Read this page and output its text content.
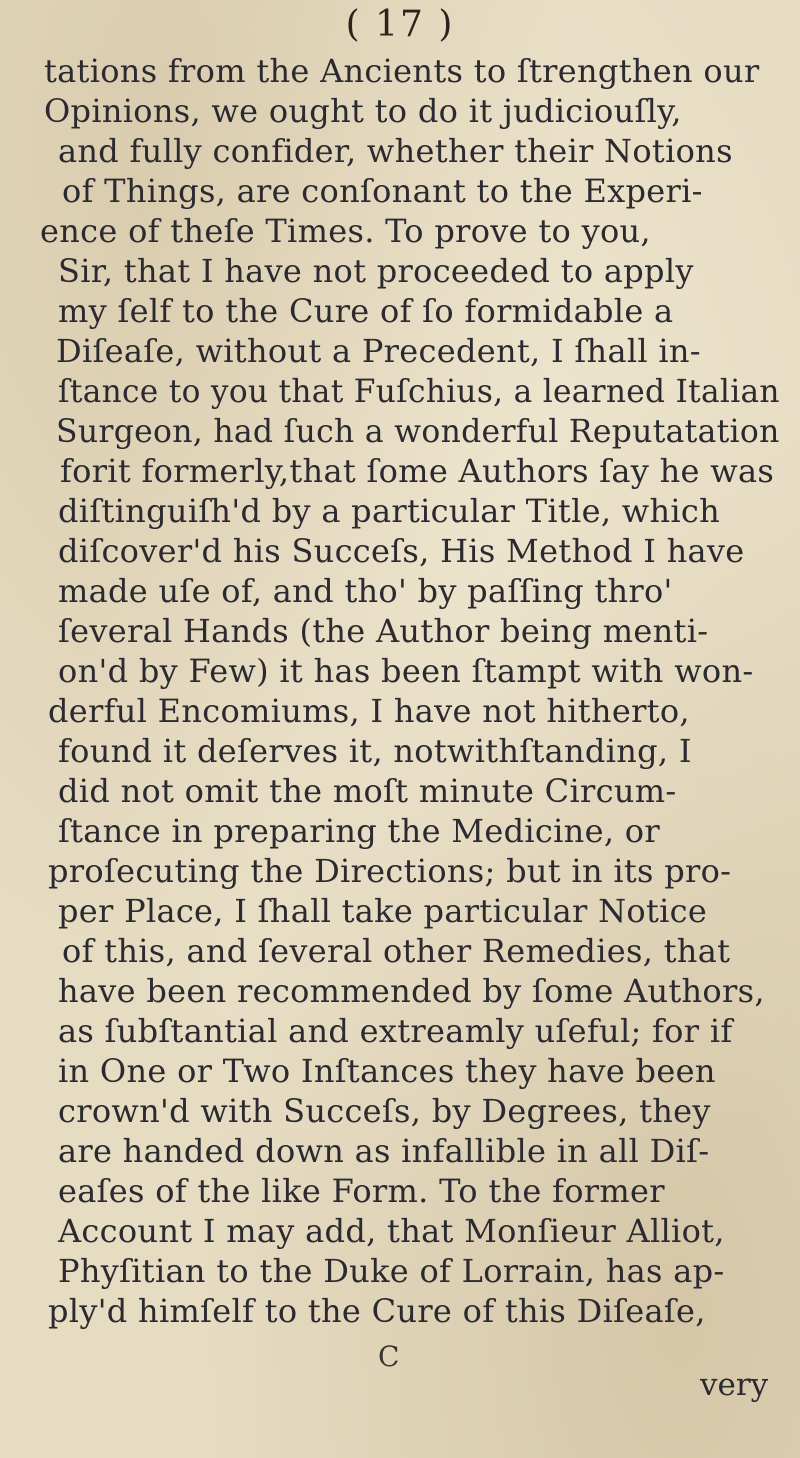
( 17 )
tations from the Ancients to ſtrengthen our
Opinions, we ought to do it judiciouſly,
and fully confider, whether their Notions
of Things, are conſonant to the Experi-
ence of theſe Times. To prove to you,
Sir, that I have not proceeded to apply
my ſelf to the Cure of ſo formidable a
Diſeaſe, without a Precedent, I ſhall in-
ſtance to you that Fuſchius, a learned Italian
Surgeon, had ſuch a wonderful Reputatation
forit formerly,that ſome Authors ſay he was
diſtinguiſh'd by a particular Title, which
diſcover'd his Succeſs, His Method I have
made uſe of, and tho' by paſſing thro'
ſeveral Hands (the Author being menti-
on'd by Few) it has been ſtampt with won-
derful Encomiums, I have not hitherto,
found it deſerves it, notwithſtanding, I
did not omit the moſt minute Circum-
ſtance in preparing the Medicine, or
proſecuting the Directions; but in its pro-
per Place, I ſhall take particular Notice
of this, and ſeveral other Remedies, that
have been recommended by ſome Authors,
as ſubſtantial and extreamly uſeful; for if
in One or Two Inſtances they have been
crown'd with Succeſs, by Degrees, they
are handed down as infallible in all Diſ-
eaſes of the like Form. To the former
Account I may add, that Monſieur Alliot,
Phyſitian to the Duke of Lorrain, has ap-
ply'd himſelf to the Cure of this Diſeaſe,
C
very
